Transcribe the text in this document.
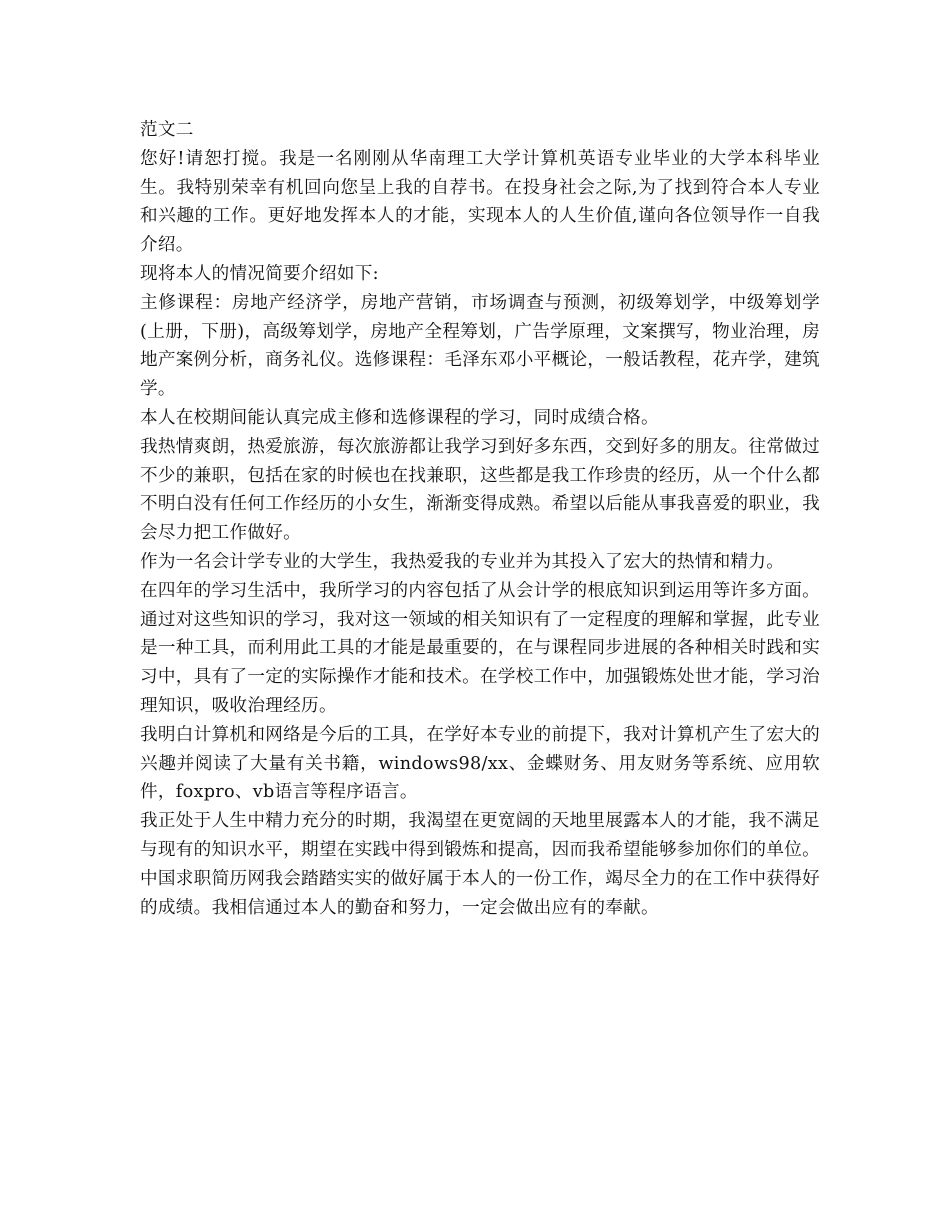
范文二

您好!请恕打搅。我是一名刚刚从华南理工大学计算机英语专业毕业的大学本科毕业生。我特别荣幸有机回向您呈上我的自荐书。在投身社会之际,为了找到符合本人专业和兴趣的工作。更好地发挥本人的才能，实现本人的人生价值,谨向各位领导作一自我介绍。

现将本人的情况简要介绍如下:

主修课程：房地产经济学，房地产营销，市场调查与预测，初级筹划学，中级筹划学(上册，下册)，高级筹划学，房地产全程筹划，广告学原理，文案撰写，物业治理，房地产案例分析，商务礼仪。选修课程：毛泽东邓小平概论，一般话教程，花卉学，建筑学。

本人在校期间能认真完成主修和选修课程的学习，同时成绩合格。

我热情爽朗，热爱旅游，每次旅游都让我学习到好多东西，交到好多的朋友。往常做过不少的兼职，包括在家的时候也在找兼职，这些都是我工作珍贵的经历，从一个什么都不明白没有任何工作经历的小女生，渐渐变得成熟。希望以后能从事我喜爱的职业，我会尽力把工作做好。

作为一名会计学专业的大学生，我热爱我的专业并为其投入了宏大的热情和精力。

在四年的学习生活中，我所学习的内容包括了从会计学的根底知识到运用等许多方面。通过对这些知识的学习，我对这一领域的相关知识有了一定程度的理解和掌握，此专业是一种工具，而利用此工具的才能是最重要的，在与课程同步进展的各种相关时践和实习中，具有了一定的实际操作才能和技术。在学校工作中，加强锻炼处世才能，学习治理知识，吸收治理经历。

我明白计算机和网络是今后的工具，在学好本专业的前提下，我对计算机产生了宏大的兴趣并阅读了大量有关书籍，windows98/xx、金蝶财务、用友财务等系统、应用软件，foxpro、vb语言等程序语言。

我正处于人生中精力充分的时期，我渴望在更宽阔的天地里展露本人的才能，我不满足与现有的知识水平，期望在实践中得到锻炼和提高，因而我希望能够参加你们的单位。中国求职简历网我会踏踏实实的做好属于本人的一份工作，竭尽全力的在工作中获得好的成绩。我相信通过本人的勤奋和努力，一定会做出应有的奉献。
